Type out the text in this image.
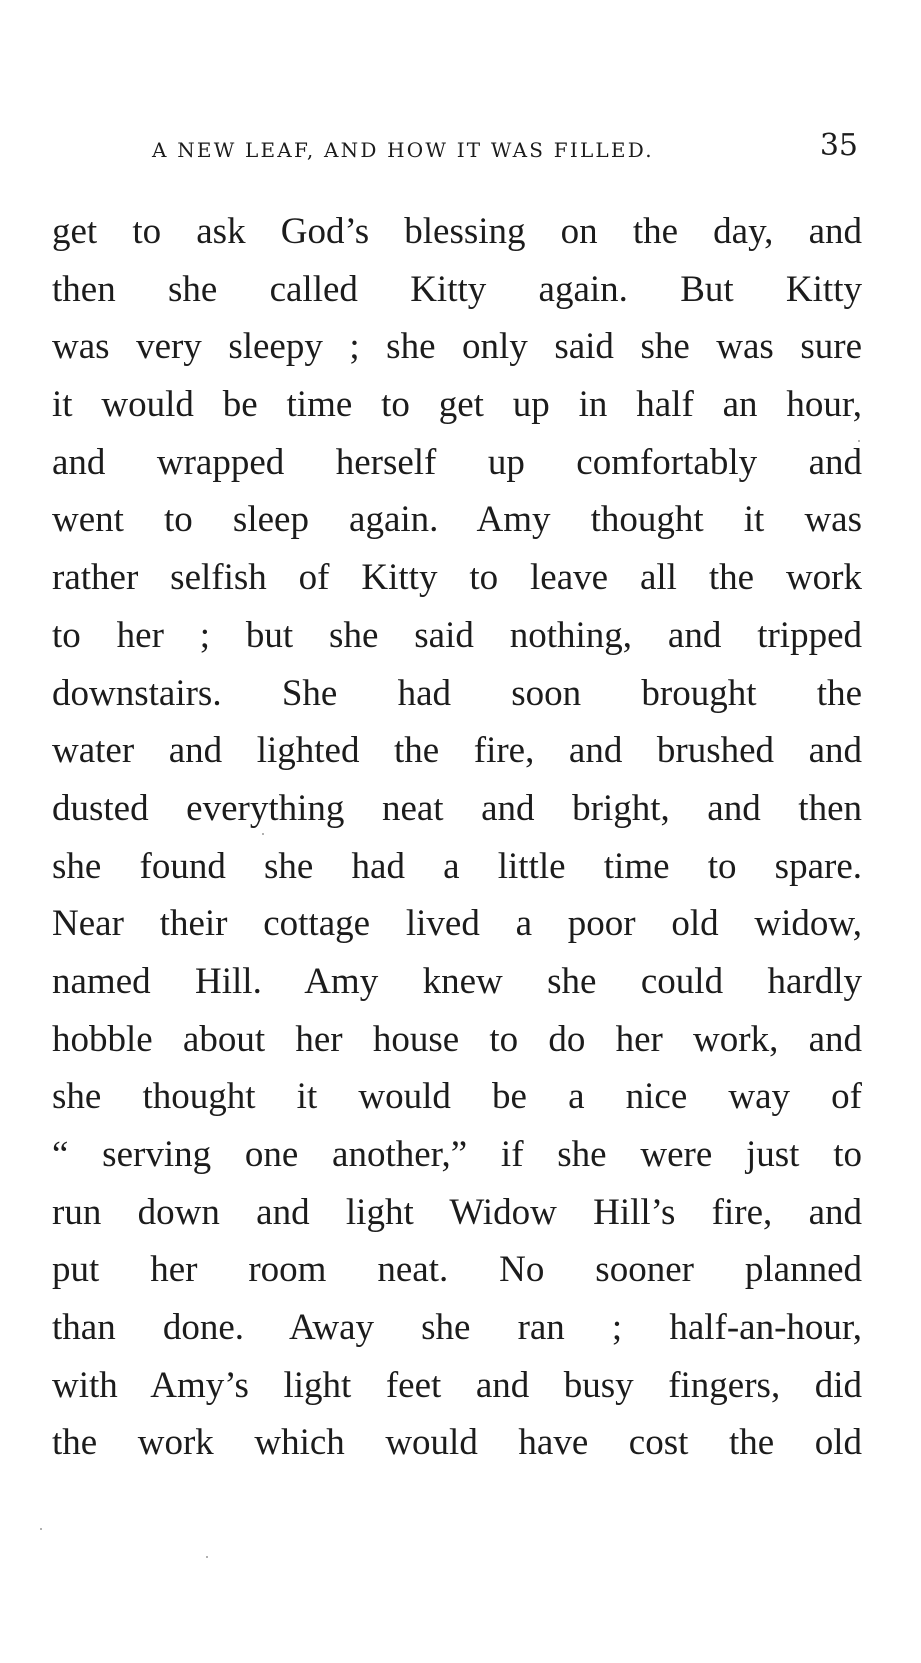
A NEW LEAF, AND HOW IT WAS FILLED.	35
get to ask God’s blessing on the day, and
then she called Kitty again. But Kitty
was very sleepy ; she only said she was sure
it would be time to get up in half an hour,
and wrapped herself up comfortably and
went to sleep again. Amy thought it was
rather selfish of Kitty to leave all the work
to her ; but she said nothing, and tripped
downstairs. She had soon brought the
water and lighted the fire, and brushed and
dusted everything neat and bright, and then
she found she had a little time to spare.
Near their cottage lived a poor old widow,
named Hill. Amy knew she could hardly
hobble about her house to do her work, and
she thought it would be a nice way of
“ serving one another,” if she were just to
run down and light Widow Hill’s fire, and
put her room neat. No sooner planned
than done. Away she ran ; half-an-hour,
with Amy’s light feet and busy fingers, did
the work which would have cost the old
